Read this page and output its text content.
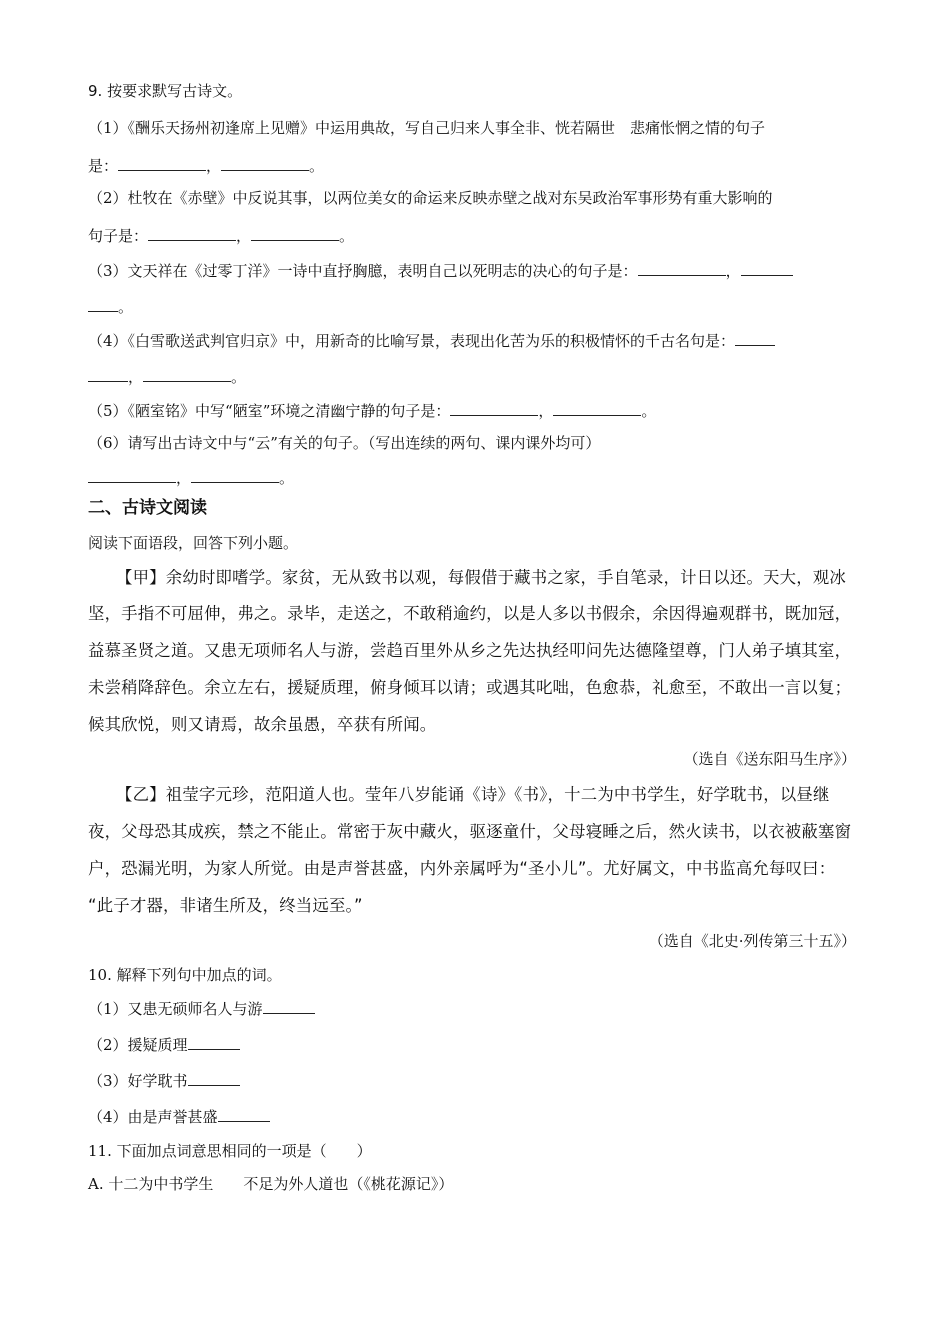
9. 按要求默写古诗文。
（1）《酬乐天扬州初逢席上见赠》中运用典故，写自己归来人事全非、恍若隔世　悲痛怅惘之情的句子
是：	，	。
（2）杜牧在《赤壁》中反说其事，以两位美女的命运来反映赤壁之战对东吴政治军事形势有重大影响的
句子是：	，	。
（3）文天祥在《过零丁洋》一诗中直抒胸臆，表明自己以死明志的决心的句子是：	，
。
（4）《白雪歌送武判官归京》中，用新奇的比喻写景，表现出化苦为乐的积极情怀的千古名句是：
，	。
（5）《陋室铭》中写“陋室”环境之清幽宁静的句子是：	，	。
（6）请写出古诗文中与“云”有关的句子。（写出连续的两句、课内课外均可）
，	。
二、古诗文阅读
阅读下面语段，回答下列小题。
【甲】余幼时即嗜学。家贫，无从致书以观，每假借于藏书之家，手自笔录，计日以还。天大，观冰
坚，手指不可屈伸，弗之。录毕，走送之，不敢稍逾约，以是人多以书假余，余因得遍观群书，既加冠，
益慕圣贤之道。又患无项师名人与游，尝趋百里外从乡之先达执经叩问先达德隆望尊，门人弟子填其室，
未尝稍降辞色。余立左右，援疑质理，俯身倾耳以请；或遇其叱咄，色愈恭，礼愈至，不敢出一言以复；
候其欣悦，则又请焉，故余虽愚，卒获有所闻。
（选自《送东阳马生序》）
【乙】祖莹字元珍，范阳道人也。莹年八岁能诵《诗》《书》，十二为中书学生，好学耽书，以昼继
夜，父母恐其成疾，禁之不能止。常密于灰中藏火，驱逐童什，父母寝睡之后，然火读书，以衣被蔽塞窗
户，恐漏光明，为家人所觉。由是声誉甚盛，内外亲属呼为“圣小儿”。尤好属文，中书监高允每叹曰：
“此子才器，非诸生所及，终当远至。”
（选自《北史·列传第三十五》）
10. 解释下列句中加点的词。
（1）又患无硕师名人与游
（2）援疑质理
（3）好学耽书
（4）由是声誉甚盛
11. 下面加点词意思相同的一项是（　　）
A. 十二为中书学生　　不足为外人道也（《桃花源记》）
